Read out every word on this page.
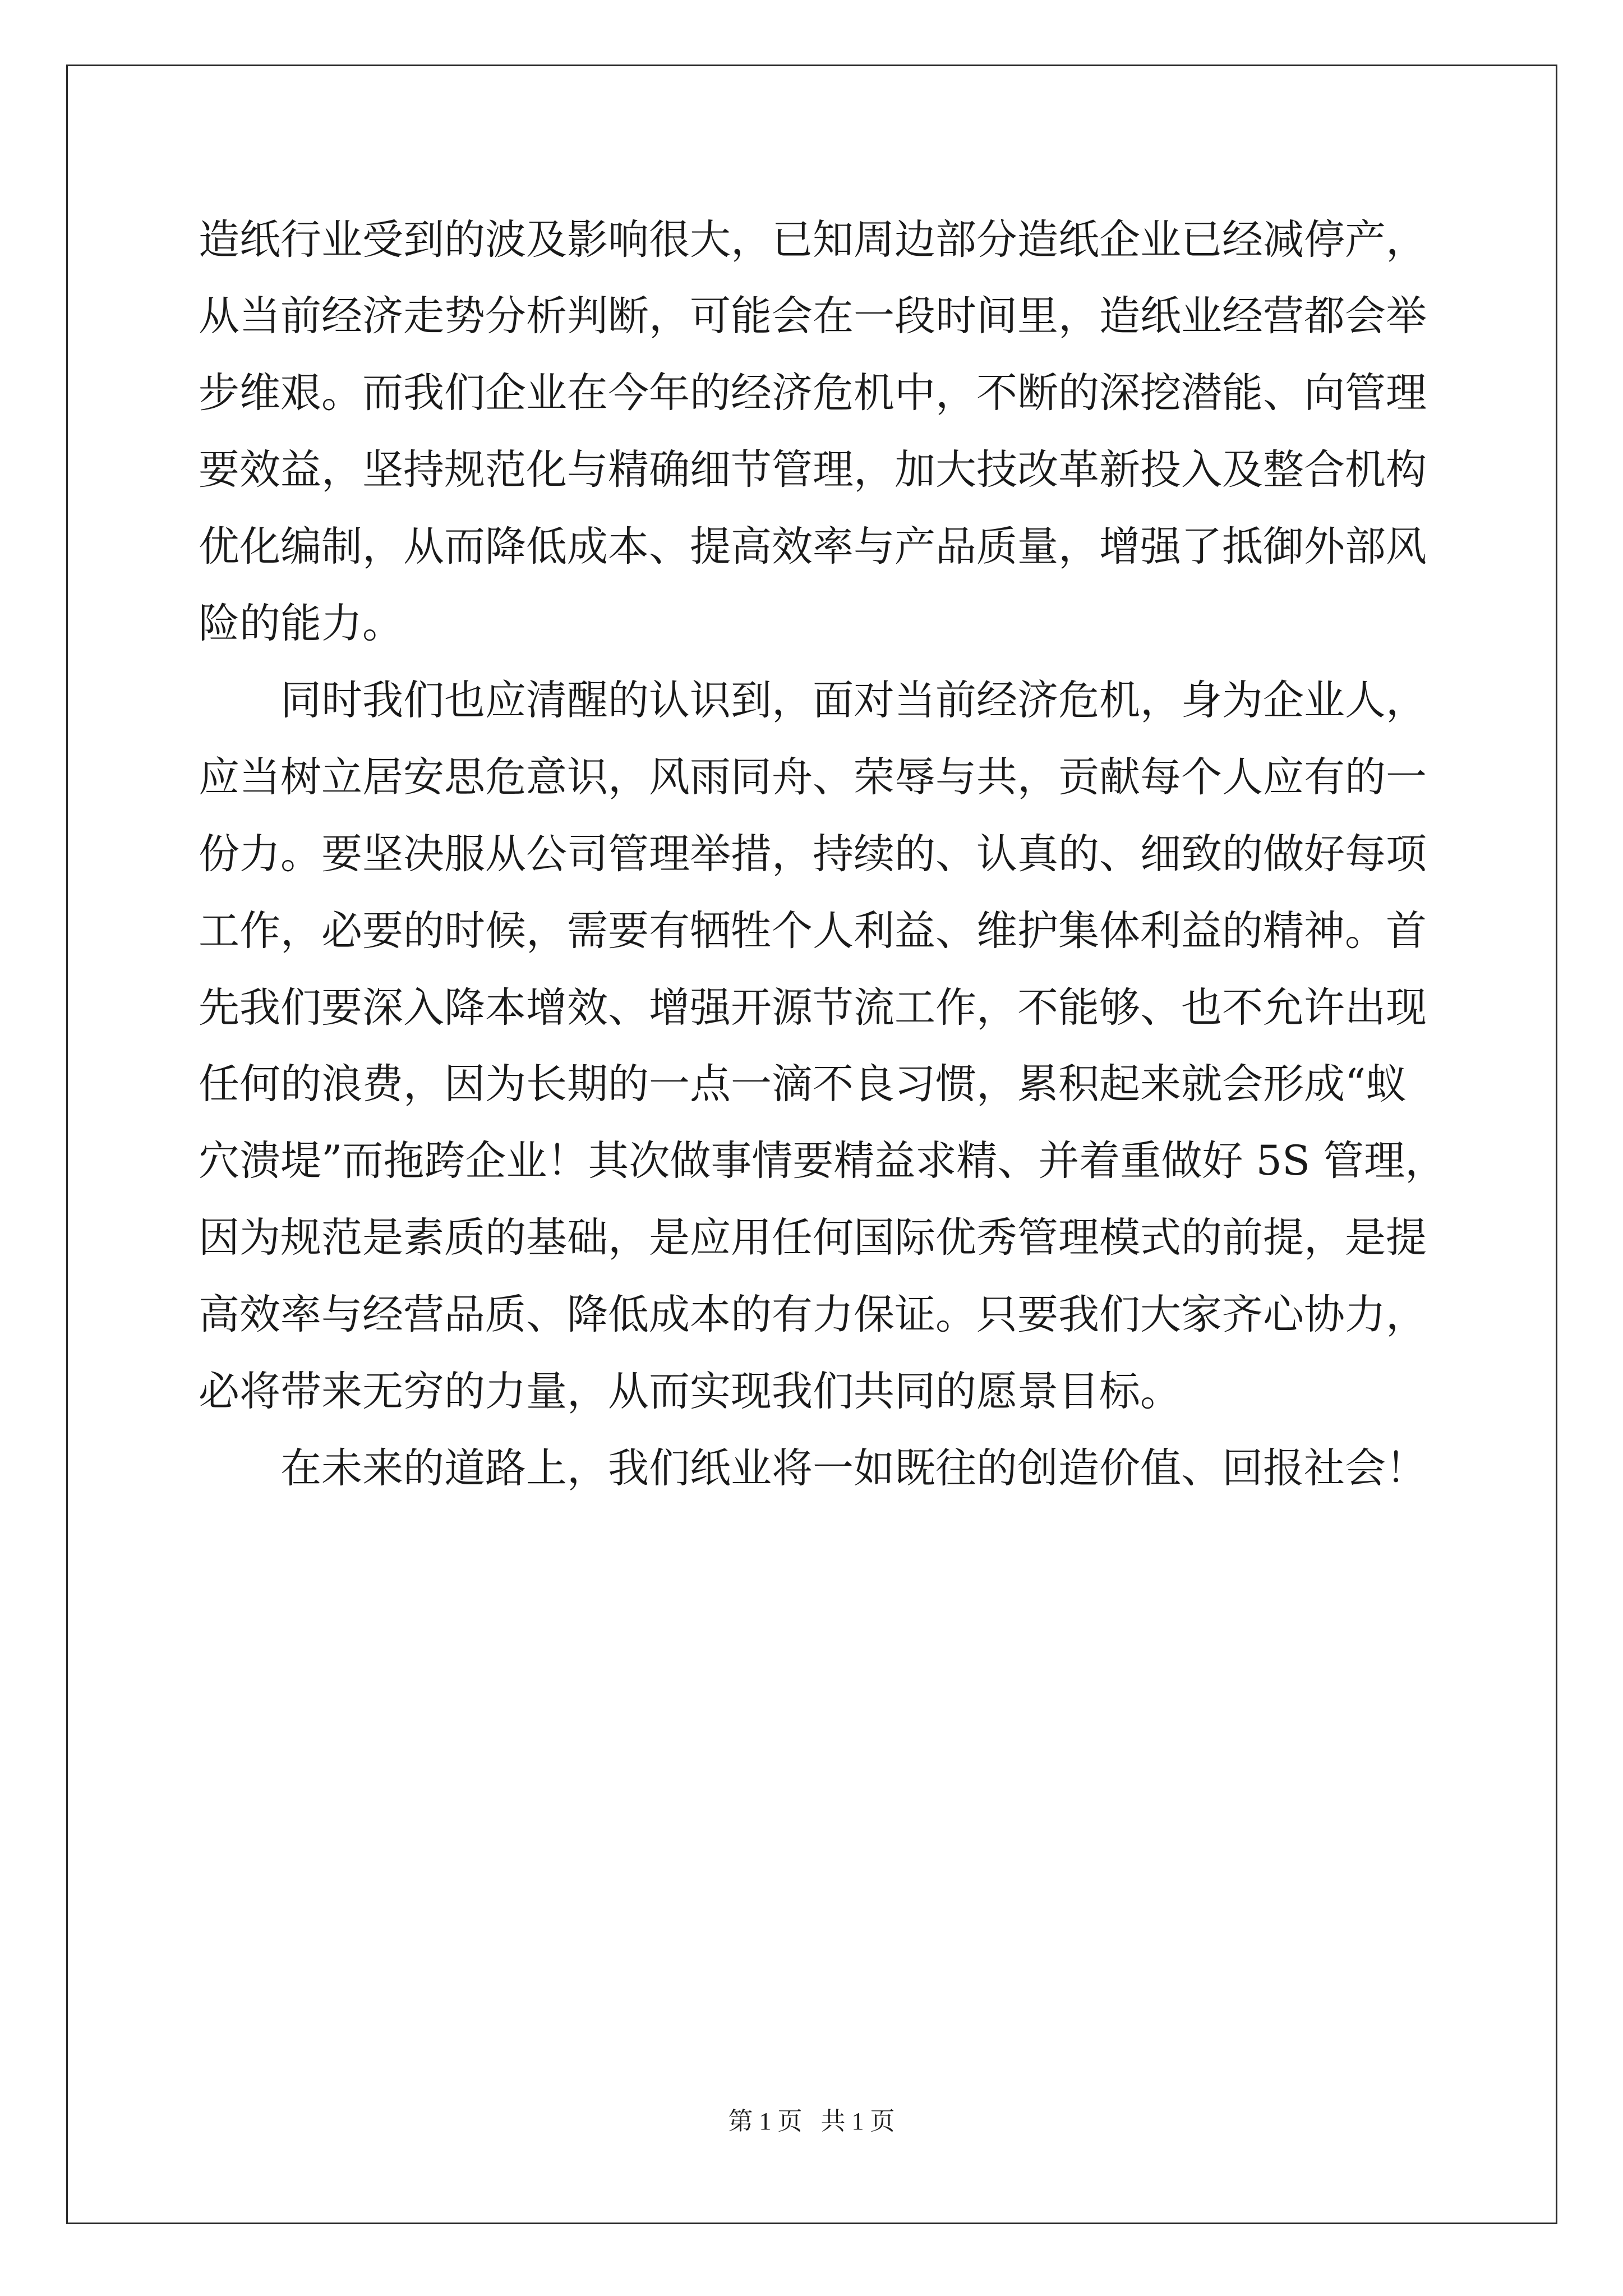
造纸行业受到的波及影响很大，已知周边部分造纸企业已经减停产，
从当前经济走势分析判断，可能会在一段时间里，造纸业经营都会举
步维艰。而我们企业在今年的经济危机中，不断的深挖潜能、向管理
要效益，坚持规范化与精确细节管理，加大技改革新投入及整合机构
优化编制，从而降低成本、提高效率与产品质量，增强了抵御外部风
险的能力。
同时我们也应清醒的认识到，面对当前经济危机，身为企业人，
应当树立居安思危意识，风雨同舟、荣辱与共，贡献每个人应有的一
份力。要坚决服从公司管理举措，持续的、认真的、细致的做好每项
工作，必要的时候，需要有牺牲个人利益、维护集体利益的精神。首
先我们要深入降本增效、增强开源节流工作，不能够、也不允许出现
任何的浪费，因为长期的一点一滴不良习惯，累积起来就会形成“蚁
穴溃堤”而拖跨企业！其次做事情要精益求精、并着重做好 5S 管理，
因为规范是素质的基础，是应用任何国际优秀管理模式的前提，是提
高效率与经营品质、降低成本的有力保证。只要我们大家齐心协力，
必将带来无穷的力量，从而实现我们共同的愿景目标。
在未来的道路上，我们纸业将一如既往的创造价值、回报社会！
第 1 页   共 1 页
